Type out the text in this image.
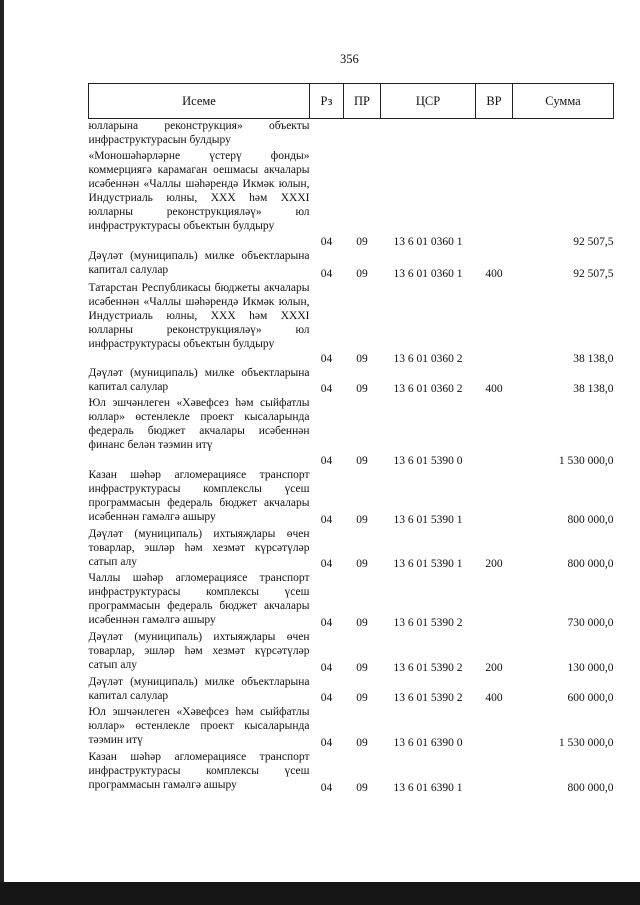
356
Исеме	Рз	ПР	ЦСР	ВР	Сумма
юлларына реконструкция» объекты инфраструктурасын булдыру					
«Моношәһәрләрне үстерү фонды» коммерциягә карамаган оешмасы акчалары исәбеннән «Чаллы шәһәрендә Икмәк юлын, Индустриаль юлны, XXX һәм XXXI юлларны реконструкцияләү» юл инфраструктурасы объектын булдыру	04	09	13 6 01 0360 1		92 507,5
Дәүләт (муниципаль) милке объектларына капитал салулар	04	09	13 6 01 0360 1	400	92 507,5
Татарстан Республикасы бюджеты акчалары исәбеннән «Чаллы шәһәрендә Икмәк юлын, Индустриаль юлны, XXX һәм XXXI юлларны реконструкцияләү» юл инфраструктурасы объектын булдыру	04	09	13 6 01 0360 2		38 138,0
Дәүләт (муниципаль) милке объектларына капитал салулар	04	09	13 6 01 0360 2	400	38 138,0
Юл эшчәнлеген «Хәвефсез һәм сыйфатлы юллар» өстенлекле проект кысаларында федераль бюджет акчалары исәбеннән финанс белән тәэмин итү	04	09	13 6 01 5390 0		1 530 000,0
Казан шәһәр агломерациясе транспорт инфраструктурасы комплекслы үсеш программасын федераль бюджет акчалары исәбеннән гамәлгә ашыру	04	09	13 6 01 5390 1		800 000,0
Дәүләт (муниципаль) ихтыяҗлары өчен товарлар, эшләр һәм хезмәт күрсәтүләр сатып алу	04	09	13 6 01 5390 1	200	800 000,0
Чаллы шәһәр агломерациясе транспорт инфраструктурасы комплексы үсеш программасын федераль бюджет акчалары исәбеннән гамәлгә ашыру	04	09	13 6 01 5390 2		730 000,0
Дәүләт (муниципаль) ихтыяҗлары өчен товарлар, эшләр һәм хезмәт күрсәтүләр сатып алу	04	09	13 6 01 5390 2	200	130 000,0
Дәүләт (муниципаль) милке объектларына капитал салулар	04	09	13 6 01 5390 2	400	600 000,0
Юл эшчәнлеген «Хәвефсез һәм сыйфатлы юллар» өстенлекле проект кысаларында тәэмин итү	04	09	13 6 01 6390 0		1 530 000,0
Казан шәһәр агломерациясе транспорт инфраструктурасы комплексы үсеш программасын гамәлгә ашыру	04	09	13 6 01 6390 1		800 000,0
